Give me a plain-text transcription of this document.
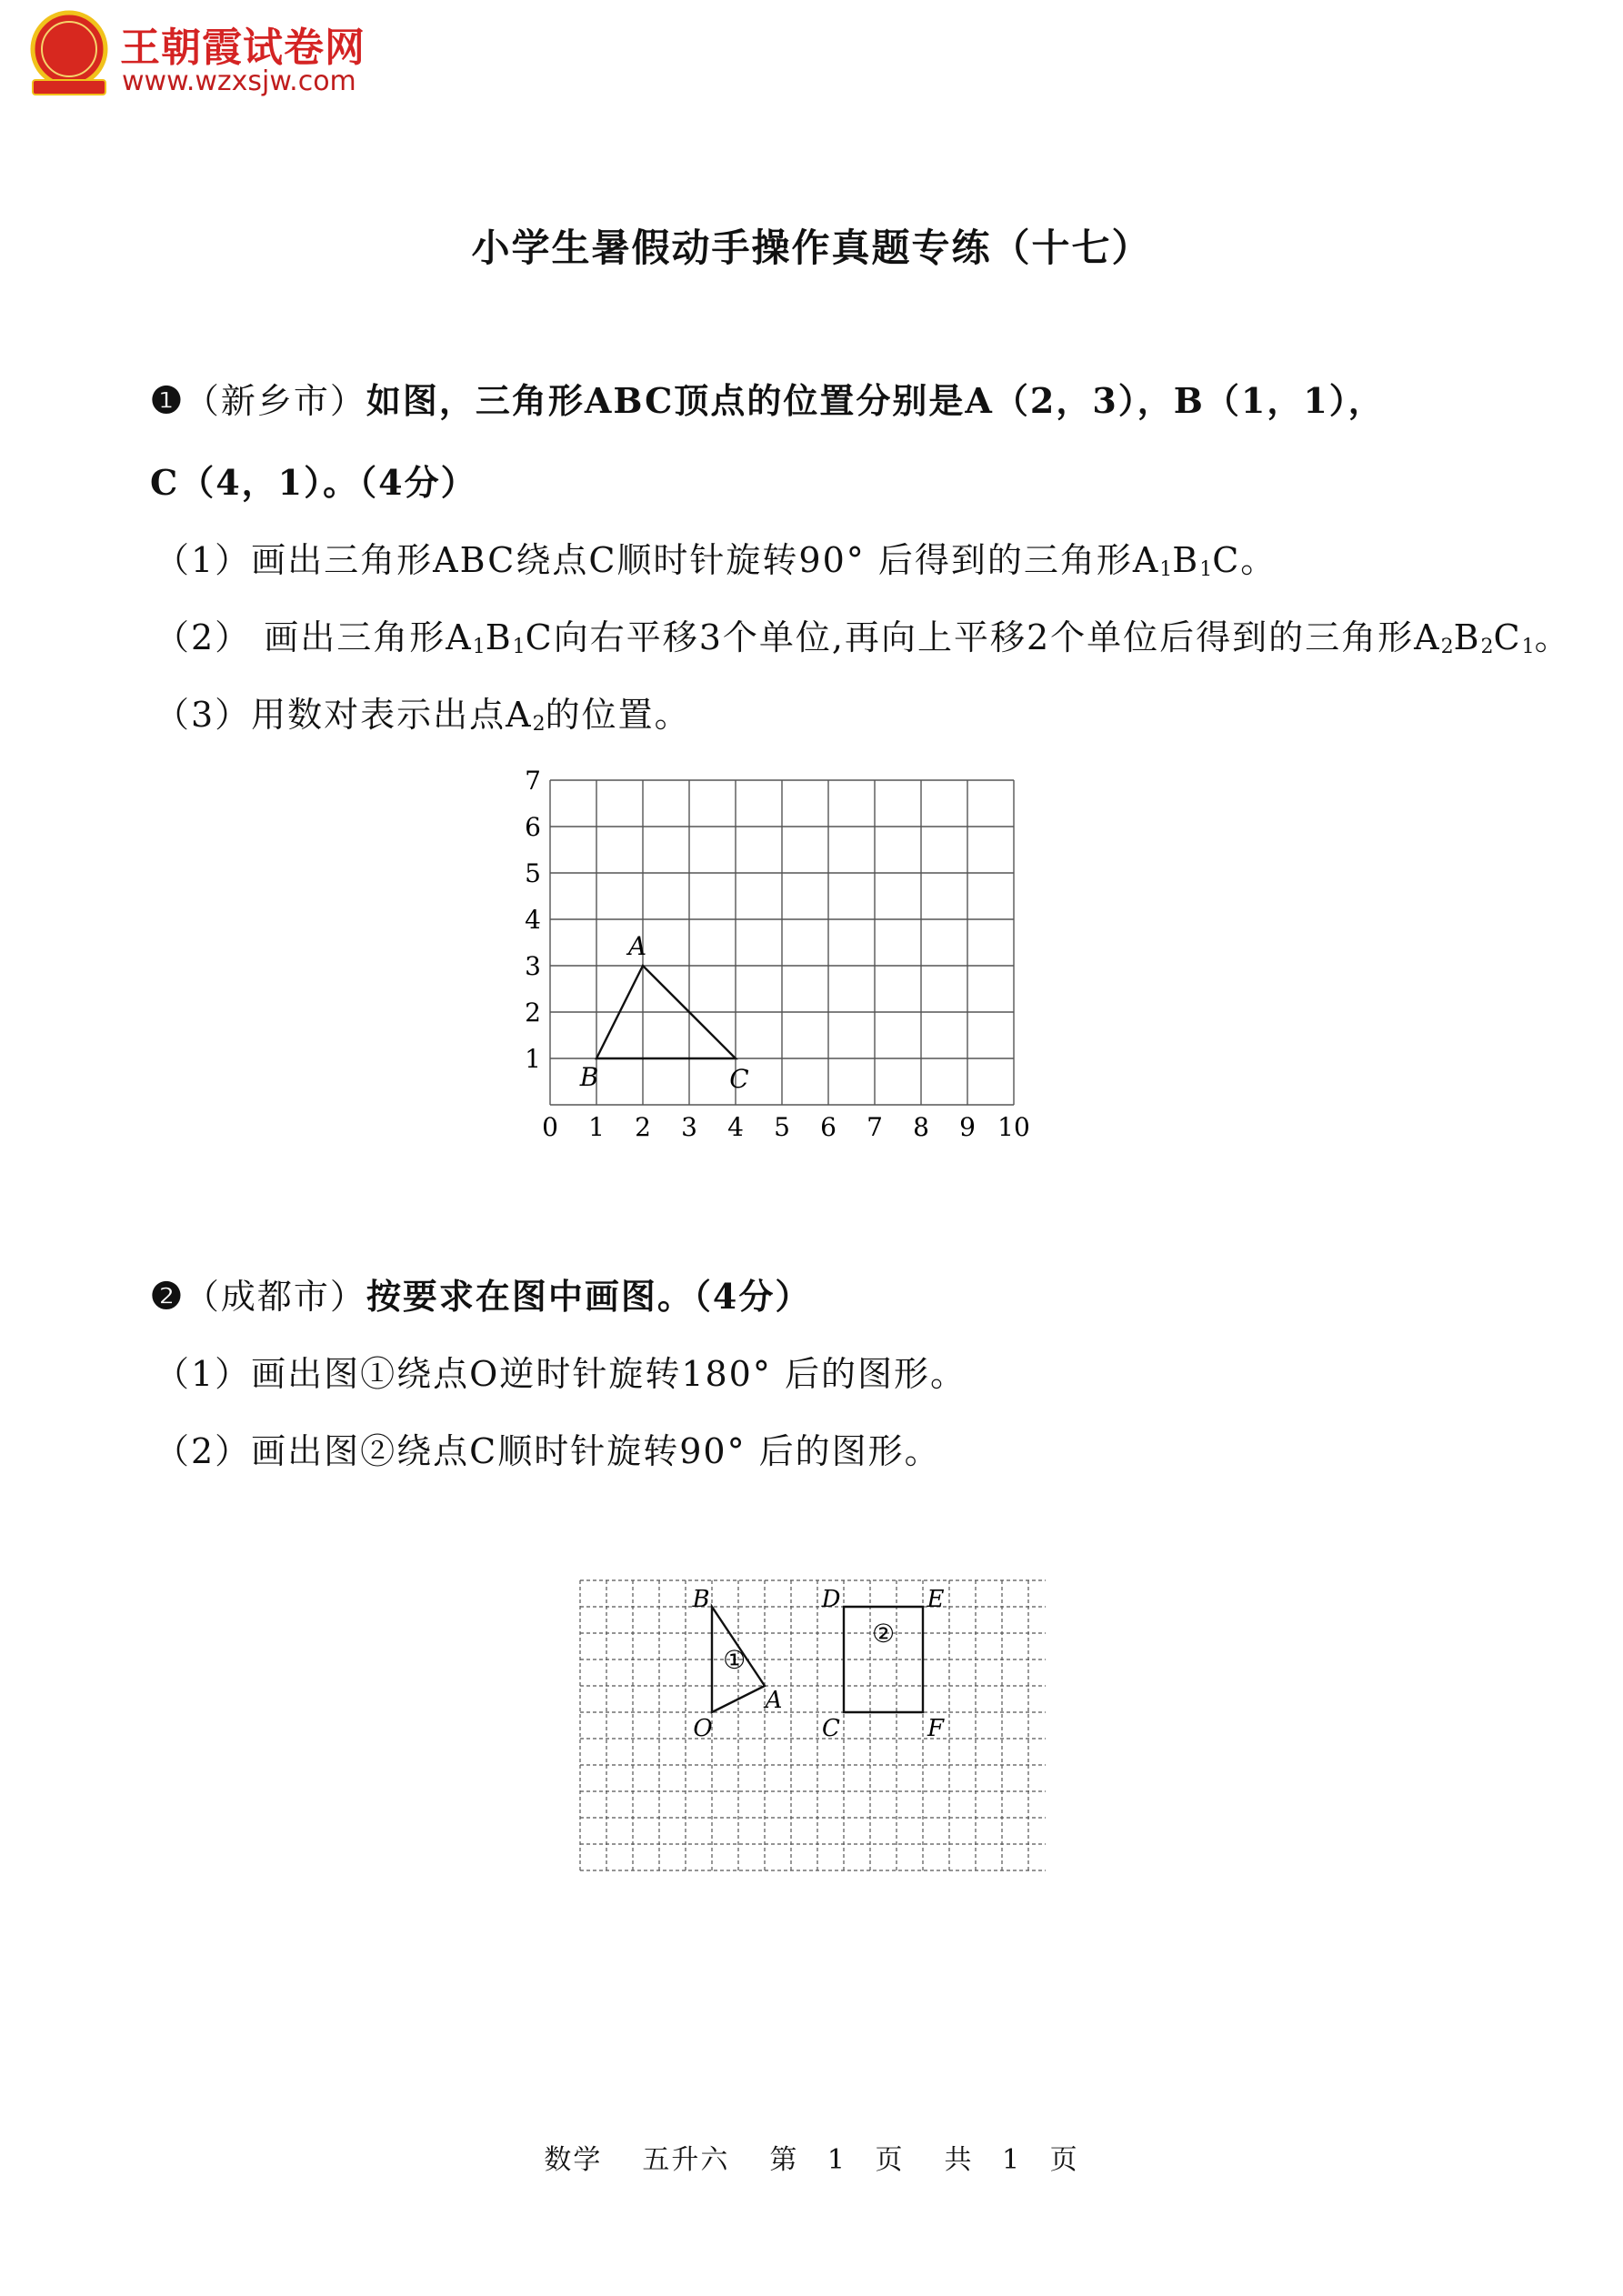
王朝霞试卷网
www.wzxsjw.com
小学生暑假动手操作真题专练（十七）
❶（新乡市）如图，三角形ABC顶点的位置分别是A（2，3），B（1，1），
C（4，1）。（4分）
（1）画出三角形ABC绕点C顺时针旋转90° 后得到的三角形A1B1C。
（2） 画出三角形A1B1C向右平移3个单位,再向上平移2个单位后得到的三角形A2B2C1。
（3）用数对表示出点A2的位置。
0 1 2 3 4 5 6 7 8 9 10
1
2
3
4
5
6
7
A
B	C
❷（成都市）按要求在图中画图。（4分）
（1）画出图①绕点O逆时针旋转180° 后的图形。
（2）画出图②绕点C顺时针旋转90° 后的图形。
B
A
O
D	E
C	F
①
②
数学 五升六 第 1 页 共 1 页
